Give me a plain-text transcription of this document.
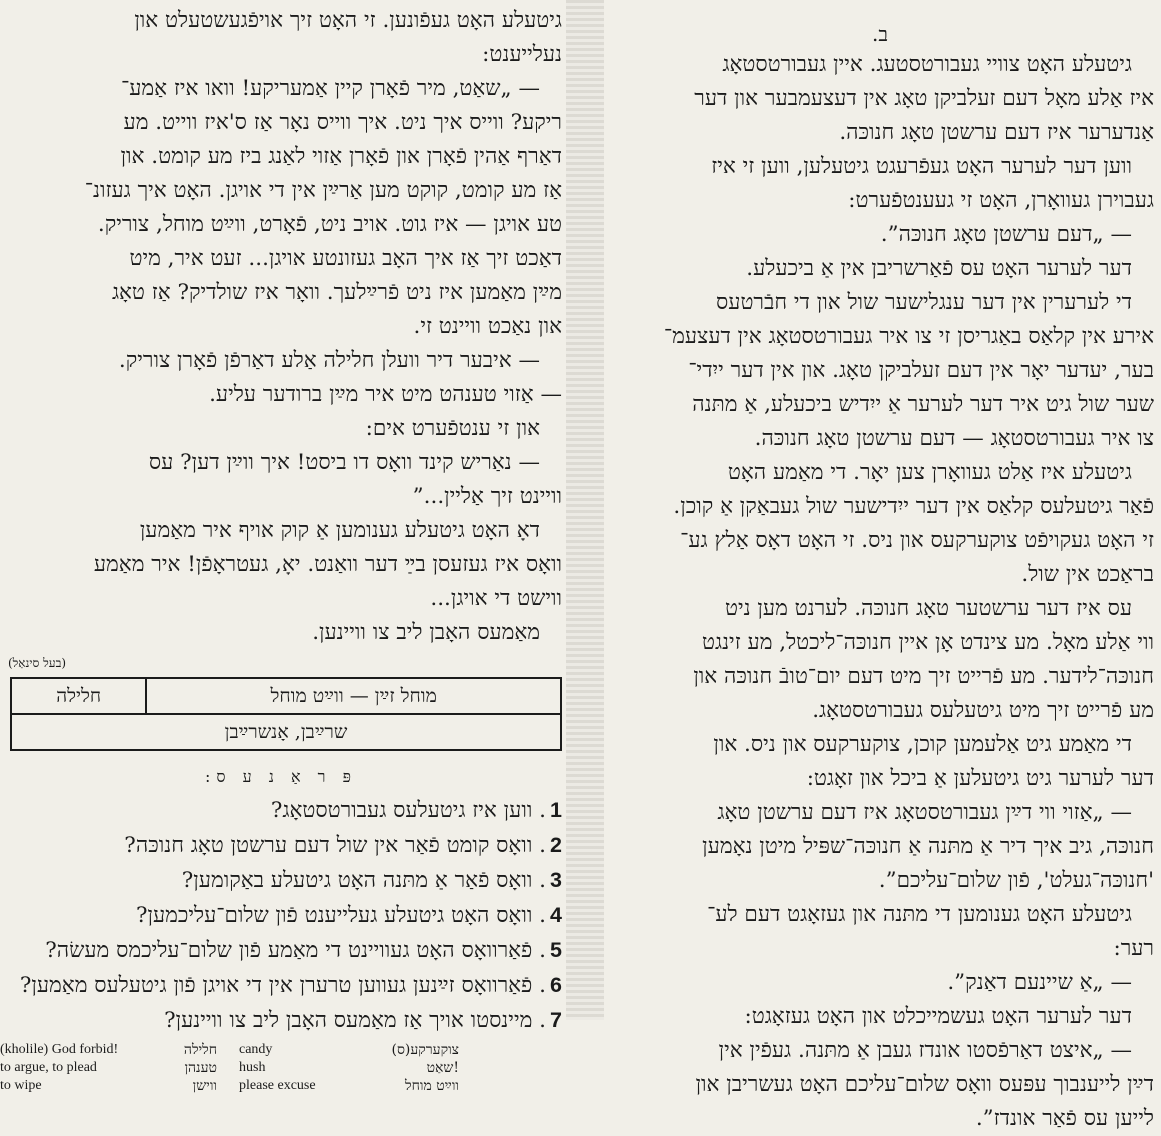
גיטעלע האָט געפֿונען. זי האָט זיך אויפֿגעשטעלט און

נעלייענט:

— „שאַט, מיר פֿאָרן קיין אַמעריקע! וואו איז אַמע־

ריקע? ווייס איך ניט. איך ווייס נאָר אַז ס'איז ווייט. מע

דאַרף אַהין פֿאָרן און פֿאָרן אַזוי לאַנג ביז מע קומט. און

אַז מע קומט, קוקט מען אַרײַן אין די אויגן. האָט איך געזונ־

טע אויגן — איז גוט. אויב ניט, פֿאָרט, ווײַט מוחל, צוריק.

דאַכט זיך אַז איך האָב געזונטע אויגן... זעט איר, מיט

מײַן מאַמען איז ניט פֿרײַלעך. וואָר איז שולדיק? אַז טאָג

און נאַכט וויינט זי.

— איבער דיר וועלן חלילה אַלע דאַרפֿן פֿאָרן צוריק.

— אַזוי טענהט מיט איר מײַן ברודער עליע.

און זי ענטפֿערט אים:

— נאַריש קינד וואָס דו ביסט! איך ווײַן דען? עס

וויינט זיך אַליין...”

דאָ האָט גיטעלע גענומען אַ קוק אויף איר מאַמען

וואָס איז געזעסן בײַ דער וואַנט. יאָ, געטראָפֿן! איר מאַמע

ווישט די אויגן...

מאַמעס האָבן ליב צו וויינען.

(בעל סינאַל)
מוחל זײַן — ווײַט מוחל	חלילה
שרײַבן, אָנשרײַבן
פּ ר אַ נ ע ס:

1. ווען איז גיטעלעס געבורטסטאָג?

2. וואָס קומט פֿאַר אין שול דעם ערשטן טאָג חנוכּה?

3. וואָס פֿאַר אַ מתּנה האָט גיטעלע באַקומען?

4. וואָס האָט גיטעלע געלייענט פֿון שלום־עליכמען?

5. פֿאַרוואָס האָט געוויינט די מאַמע פֿון שלום־עליכמס מעשׂה?

6. פֿאַרוואָס זײַנען געווען טרערן אין די אויגן פֿון גיטעלעס מאַמען?

7. מיינסטו אויך אַז מאַמעס האָבן ליב צו וויינען?

(kholile) God forbid!	חלילה	candy	צוקערקע(ס)
to argue, to plead	טענהן	hush	שאַט!
to wipe	ווישן	please excuse	ווײַט מוחל
ב.

גיטעלע האָט צוויי געבורטסטעג. איין געבורטסטאָג

איז אַלע מאָל דעם זעלביקן טאָג אין דעצעמבער און דער

אַנדערער איז דעם ערשטן טאָג חנוכּה.

ווען דער לערער האָט געפֿרעגט גיטעלען, ווען זי איז

געבוירן געוואָרן, האָט זי געענטפֿערט:

— „דעם ערשטן טאָג חנוכּה”.

דער לערער האָט עס פֿאַרשריבן אין אַ ביכעלע.

די לערערין אין דער ענגלישער שול און די חבֿרטעס

אירע אין קלאַס באַגריסן זי צו איר געבורטסטאָג אין דעצעמ־

בער, יעדער יאָר אין דעם זעלביקן טאָג. און אין דער ייִדי־

שער שול גיט איר דער לערער אַ ייִדיש ביכעלע, אַ מתּנה

צו איר געבורטסטאָג — דעם ערשטן טאָג חנוכּה.

גיטעלע איז אַלט געוואָרן צען יאָר. די מאַמע האָט

פֿאַר גיטעלעס קלאַס אין דער ייִדישער שול געבאַקן אַ קוכן.

זי האָט געקויפֿט צוקערקעס און ניס. זי האָט דאָס אַלץ גע־

בראַכט אין שול.

עס איז דער ערשטער טאָג חנוכּה. לערנט מען ניט

ווי אַלע מאָל. מע צינדט אָן איין חנוכּה־ליכטל, מע זינגט

חנוכּה־לידער. מע פֿרייט זיך מיט דעם יום־טובֿ חנוכּה און

מע פֿרייט זיך מיט גיטעלעס געבורטסטאָג.

די מאַמע גיט אַלעמען קוכן, צוקערקעס און ניס. און

דער לערער גיט גיטעלען אַ ביכל און זאָגט:

— „אַזוי ווי דײַן געבורטסטאָג איז דעם ערשטן טאָג

חנוכּה, גיב איך דיר אַ מתּנה אַ חנוכּה־שפּיל מיטן נאָמען

'חנוכּה־געלט', פֿון שלום־עליכם”.

גיטעלע האָט גענומען די מתּנה און געזאָגט דעם לע־

רער:

— „אַ שיינעם דאַנק”.

דער לערער האָט געשמייכלט און האָט געזאָגט:

— „איצט דאַרפֿסטו אונדז געבן אַ מתּנה. געפֿין אין

דײַן לייענבוך עפּעס וואָס שלום־עליכם האָט געשריבן און

לייען עס פֿאַר אונדז”.
